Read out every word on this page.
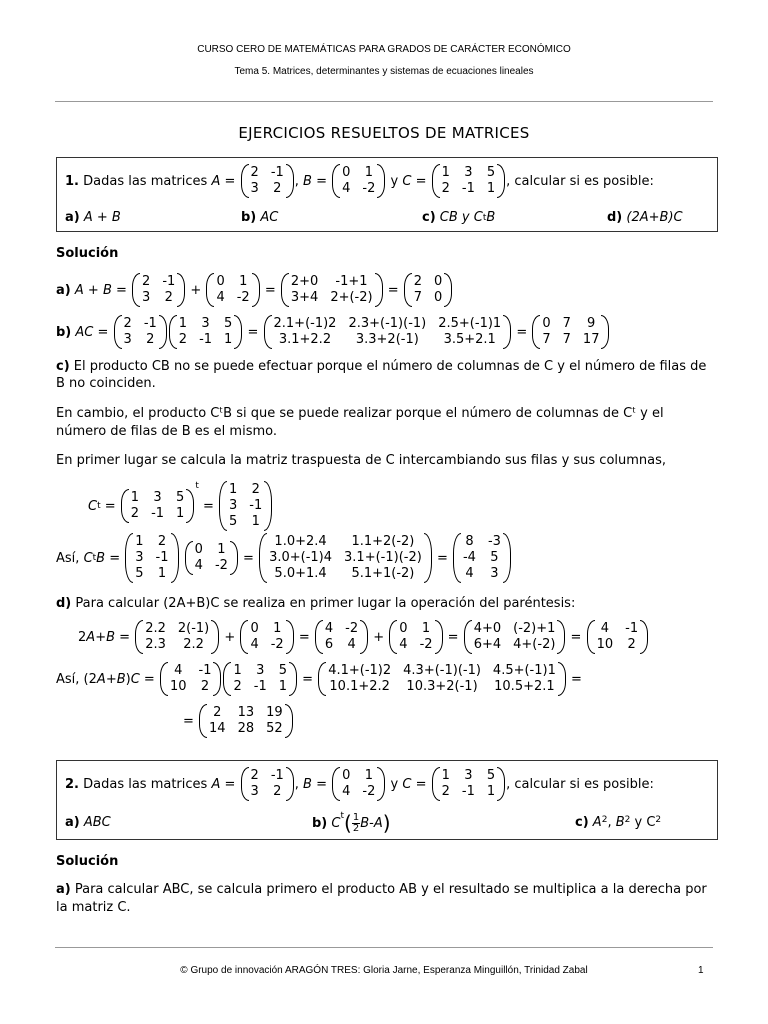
CURSO CERO DE MATEMÁTICAS PARA GRADOS DE CARÁCTER ECONÓMICO
Tema 5. Matrices, determinantes y sistemas de ecuaciones lineales
EJERCICIOS RESUELTOS DE MATRICES
1.
Dadas las matrices
A =
2 -1
3 2 , B =
0 1
4 -2 y C =
1 3 5
2 -1 1 , calcular si es posible:
a)
A + B	b)
AC	c)
CB y C t B	d)
(2A+B)C
Solución
a)
A + B =
2 -1
3 2 +
0 1
4 -2 =
2+0	-1+1
3+4 2+(-2) =
2 0
7 0
b)
AC =
2 -1
3 2
1 3 5
2 -1 1 =
2.1+(-1)2 2.3+(-1)(-1) 2.5+(-1)1
3.1+2.2	3.3+2(-1)	3.5+2.1	=
0 7	9
7 7 17
c) El producto CB no se puede efectuar porque el número de columnas de C y el número de filas de
B no coinciden.
En cambio, el producto CᵗB si que se puede realizar porque el número de columnas de Cᵗ y el
número de filas de B es el mismo.
En primer lugar se calcula la matriz traspuesta de C intercambiando sus filas y sus columnas,
C t =
1 3 5
2 -1 1
$^t$
=
1 2
3 -1
5 1
Así,
C t B =
1 2
3 -1
5 1

0 1
4 -2 =
1.0+2.4	1.1+2(-2)
3.0+(-1)4 3.1+(-1)(-2)
5.0+1.4	5.1+1(-2)
=
8 -3
-4 5
4 3
d) Para calcular (2A+B)C se realiza en primer lugar la operación del paréntesis:
2 A + B =
2.2 2(-1)
2.3	2.2	+
0 1
4 -2 =
4 -2
6 4 +
0 1
4 -2 =
4+0 (-2)+1
6+4 4+(-2) =
4	-1
10 2
Así, (2 A + B ) C =
4	-1
10 2
1 3 5
2 -1 1 =
4.1+(-1)2 4.3+(-1)(-1) 4.5+(-1)1
10.1+2.2 10.3+2(-1) 10.5+2.1 =
=
2	13 19
14 28 52
2.
Dadas las matrices
A =
2 -1
3 2 , B =
0 1
4 -2 y C =
1 3 5
2 -1 1 , calcular si es posible:
a)
ABC	b)
$C^t$ ( 1
2 B - A )	c)
A 2 , B 2
y C 2
Solución
a) Para calcular ABC, se calcula primero el producto AB y el resultado se multiplica a la derecha por
la matriz C.
© Grupo de innovación ARAGÓN TRES: Gloria Jarne, Esperanza Minguillón, Trinidad Zabal	1
